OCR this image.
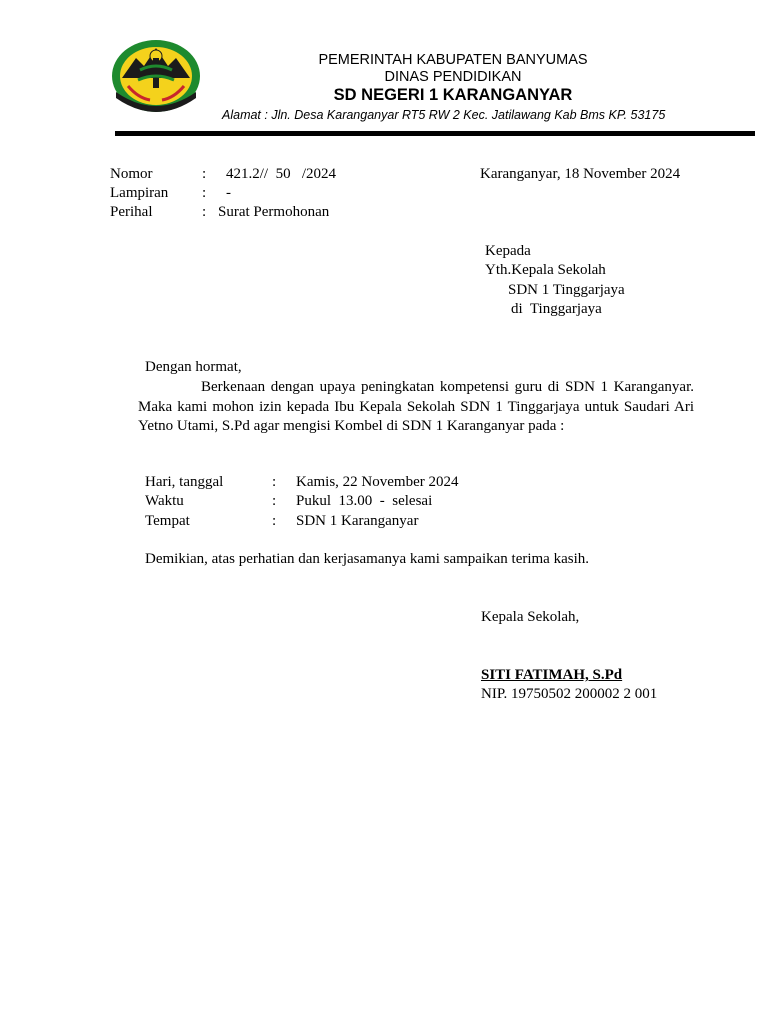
PEMERINTAH KABUPATEN BANYUMAS
DINAS PENDIDIKAN
SD NEGERI 1 KARANGANYAR
Alamat : Jln. Desa Karanganyar RT5 RW 2 Kec. Jatilawang Kab Bms KP. 53175
Nomor	: 421.2//  50   /2024
Lampiran : -
Perihal	: Surat Permohonan
Karanganyar, 18 November 2024
Kepada
Yth.Kepala Sekolah
SDN 1 Tinggarjaya
di  Tinggarjaya
Dengan hormat,

Berkenaan dengan upaya peningkatan kompetensi guru di SDN 1 Karanganyar. Maka kami mohon izin kepada Ibu Kepala Sekolah SDN 1 Tinggarjaya untuk Saudari Ari Yetno Utami, S.Pd agar mengisi Kombel di SDN 1 Karanganyar pada :

Hari, tanggal	: Kamis, 22 November 2024
Waktu	: Pukul  13.00  -  selesai
Tempat	: SDN 1 Karanganyar
Demikian, atas perhatian dan kerjasamanya kami sampaikan terima kasih.
Kepala Sekolah,
SITI FATIMAH, S.Pd
NIP. 19750502 200002 2 001
